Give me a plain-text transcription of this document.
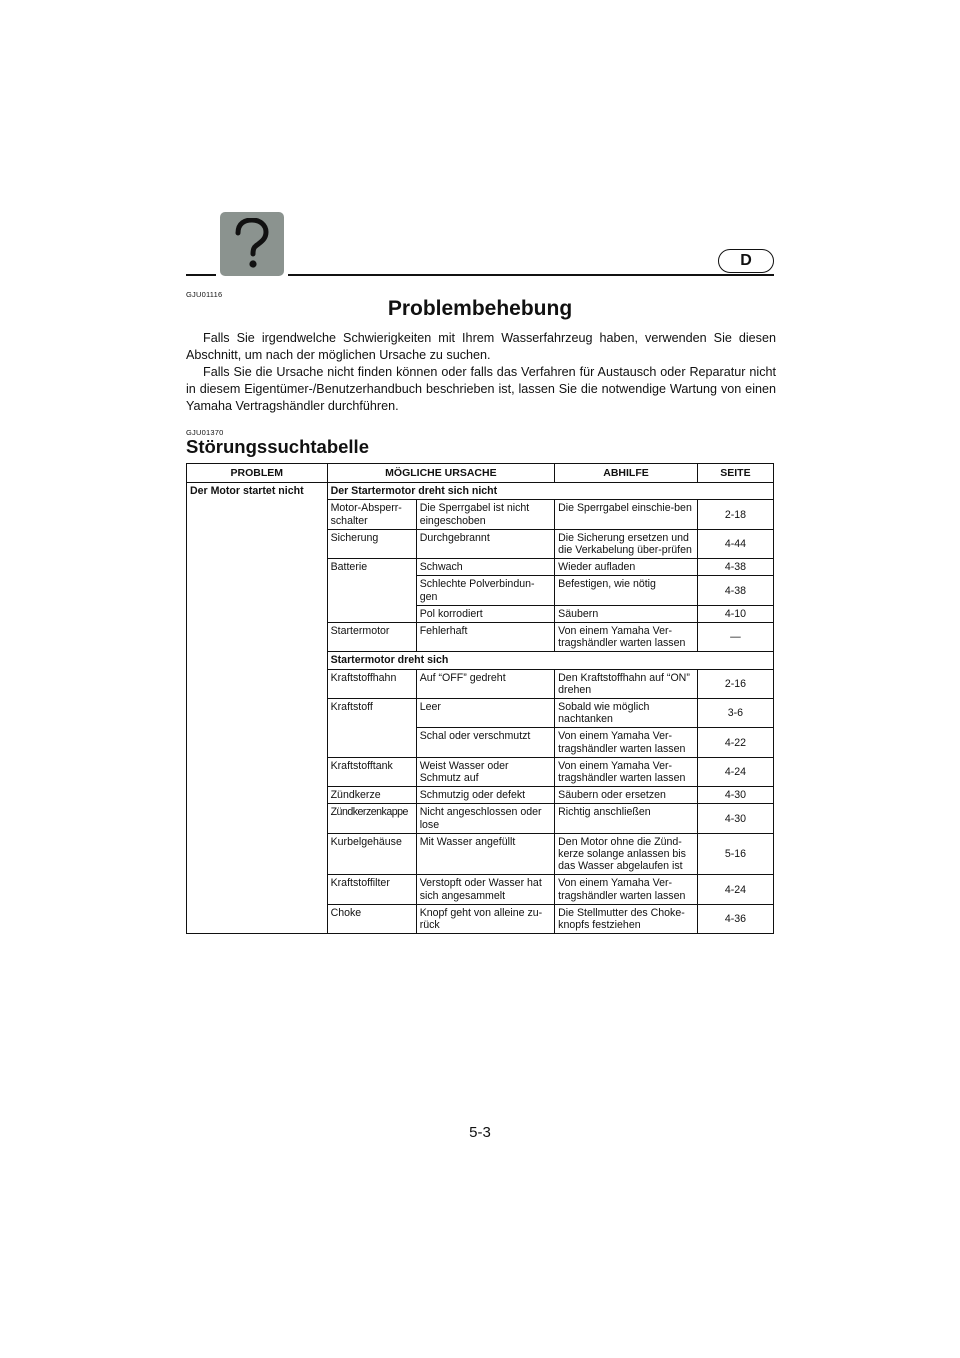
D
GJU01116
Problembehebung

Falls Sie irgendwelche Schwierigkeiten mit Ihrem Wasserfahrzeug haben, verwenden Sie diesen Abschnitt, um nach der möglichen Ursache zu suchen.

Falls Sie die Ursache nicht finden können oder falls das Verfahren für Austausch oder Reparatur nicht in diesem Eigentümer-/Benutzerhandbuch beschrieben ist, lassen Sie die notwendige Wartung von einen Yamaha Vertragshändler durchführen.

GJU01370
Störungssuchtabelle
PROBLEM	MÖGLICHE URSACHE		ABHILFE	SEITE
Der Motor startet nicht	Der Startermotor dreht sich nicht			
	Motor-Absperr-schalter	Die Sperrgabel ist nicht eingeschoben	Die Sperrgabel einschie-ben	2-18
	Sicherung	Durchgebrannt	Die Sicherung ersetzen und die Verkabelung über-prüfen	4-44
	Batterie	Schwach	Wieder aufladen	4-38
		Schlechte Polverbindun-gen	Befestigen, wie nötig	4-38
		Pol korrodiert	Säubern	4-10
	Startermotor	Fehlerhaft	Von einem Yamaha Ver-tragshändler warten lassen	—
	Startermotor dreht sich			
	Kraftstoffhahn	Auf “OFF” gedreht	Den Kraftstoffhahn auf “ON” drehen	2-16
	Kraftstoff	Leer	Sobald wie möglich nachtanken	3-6
		Schal oder verschmutzt	Von einem Yamaha Ver-tragshändler warten lassen	4-22
	Kraftstofftank	Weist Wasser oder Schmutz auf	Von einem Yamaha Ver-tragshändler warten lassen	4-24
	Zündkerze	Schmutzig oder defekt	Säubern oder ersetzen	4-30
	Zündkerzenkappe	Nicht angeschlossen oder lose	Richtig anschließen	4-30
	Kurbelgehäuse	Mit Wasser angefüllt	Den Motor ohne die Zünd-kerze solange anlassen bis das Wasser abgelaufen ist	5-16
	Kraftstoffilter	Verstopft oder Wasser hat sich angesammelt	Von einem Yamaha Ver-tragshändler warten lassen	4-24
	Choke	Knopf geht von alleine zu-rück	Die Stellmutter des Choke-knopfs festziehen	4-36
5-3
